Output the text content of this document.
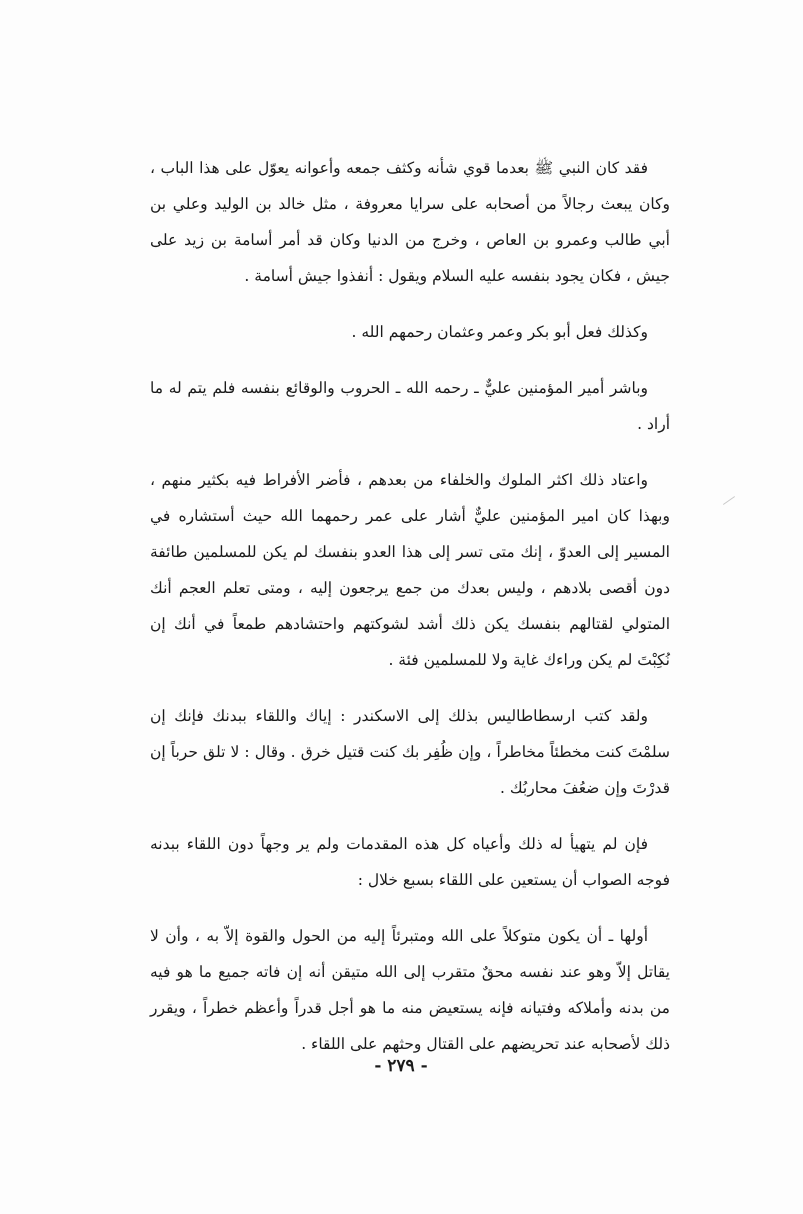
فقد كان النبي ﷺ بعدما قوي شأنه وكثف جمعه وأعوانه يعوّل على هذا الباب ، وكان يبعث رجالاً من أصحابه على سرايا معروفة ، مثل خالد بن الوليد وعلي بن أبي طالب وعمرو بن العاص ، وخرج من الدنيا وكان قد أمر أسامة بن زيد على جيش ، فكان يجود بنفسه عليه السلام ويقول : أنفذوا جيش أسامة .

وكذلك فعل أبو بكر وعمر وعثمان رحمهم الله .

وباشر أمير المؤمنين عليٌّ ـ رحمه الله ـ الحروب والوقائع بنفسه فلم يتم له ما أراد .

واعتاد ذلك اكثر الملوك والخلفاء من بعدهم ، فأضر الأفراط فيه بكثير منهم ، وبهذا كان امير المؤمنين عليٌّ أشار على عمر رحمهما الله حيث أستشاره في المسير إلى العدوّ ، إنك متى تسر إلى هذا العدو بنفسك لم يكن للمسلمين طائفة دون أقصى بلادهم ، وليس بعدك من جمع يرجعون إليه ، ومتى تعلم العجم أنك المتولي لقتالهم بنفسك يكن ذلك أشد لشوكتهم واحتشادهم طمعاً في أنك إن نُكِبْتَ لم يكن وراءك غاية ولا للمسلمين فئة .

ولقد كتب ارسطاطاليس بذلك إلى الاسكندر : إياك واللقاء ببدنك فإنك إن سلمْتَ كنت مخطئاً مخاطراً ، وإن ظُفِر بك كنت قتيل خرق . وقال : لا تلق حرباً إن قدرْتَ وإن ضعُفَ محاربُك .

فإن لم يتهيأ له ذلك وأعياه كل هذه المقدمات ولم ير وجهاً دون اللقاء ببدنه فوجه الصواب أن يستعين على اللقاء بسبع خلال :

أولها ـ أن يكون متوكلاً على الله ومتبرئاً إليه من الحول والقوة إلاّ به ، وأن لا يقاتل إلاّ وهو عند نفسه محقٌ متقرب إلى الله متيقن أنه إن فاته جميع ما هو فيه من بدنه وأملاكه وفتيانه فإنه يستعيض منه ما هو أجل قدراً وأعظم خطراً ، ويقرر ذلك لأصحابه عند تحريضهم على القتال وحثهم على اللقاء .

- ٢٧٩ -
